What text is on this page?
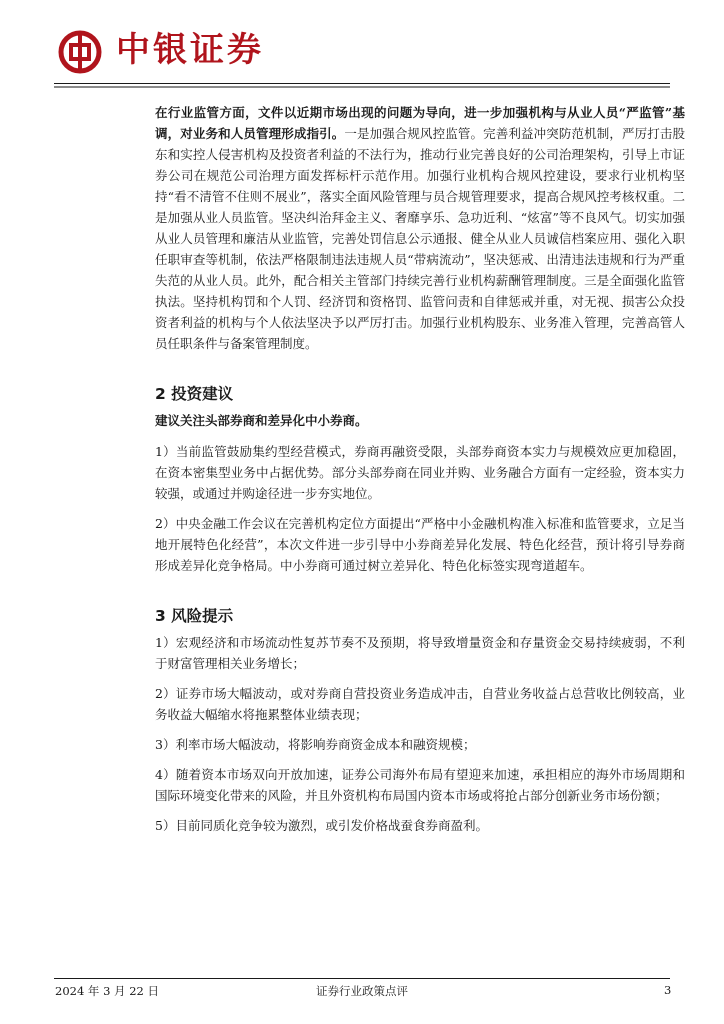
中银证券

在行业监管方面，文件以近期市场出现的问题为导向，进一步加强机构与从业人员“严监管”基调，对业务和人员管理形成指引。一是加强合规风控监管。完善利益冲突防范机制，严厉打击股东和实控人侵害机构及投资者利益的不法行为，推动行业完善良好的公司治理架构，引导上市证券公司在规范公司治理方面发挥标杆示范作用。加强行业机构合规风控建设，要求行业机构坚持“看不清管不住则不展业”，落实全面风险管理与员合规管理要求，提高合规风控考核权重。二是加强从业人员监管。坚决纠治拜金主义、奢靡享乐、急功近利、“炫富”等不良风气。切实加强从业人员管理和廉洁从业监管，完善处罚信息公示通报、健全从业人员诚信档案应用、强化入职任职审查等机制，依法严格限制违法违规人员“带病流动”，坚决惩戒、出清违法违规和行为严重失范的从业人员。此外，配合相关主管部门持续完善行业机构薪酬管理制度。三是全面强化监管执法。坚持机构罚和个人罚、经济罚和资格罚、监管问责和自律惩戒并重，对无视、损害公众投资者利益的机构与个人依法坚决予以严厉打击。加强行业机构股东、业务准入管理，完善高管人员任职条件与备案管理制度。

2 投资建议

建议关注头部券商和差异化中小券商。

1）当前监管鼓励集约型经营模式，券商再融资受限，头部券商资本实力与规模效应更加稳固，在资本密集型业务中占据优势。部分头部券商在同业并购、业务融合方面有一定经验，资本实力较强，或通过并购途径进一步夯实地位。

2）中央金融工作会议在完善机构定位方面提出“严格中小金融机构准入标准和监管要求，立足当地开展特色化经营”，本次文件进一步引导中小券商差异化发展、特色化经营，预计将引导券商形成差异化竞争格局。中小券商可通过树立差异化、特色化标签实现弯道超车。

3 风险提示

1）宏观经济和市场流动性复苏节奏不及预期，将导致增量资金和存量资金交易持续疲弱，不利于财富管理相关业务增长；

2）证券市场大幅波动，或对券商自营投资业务造成冲击，自营业务收益占总营收比例较高，业务收益大幅缩水将拖累整体业绩表现；

3）利率市场大幅波动，将影响券商资金成本和融资规模；

4）随着资本市场双向开放加速，证券公司海外布局有望迎来加速，承担相应的海外市场周期和国际环境变化带来的风险，并且外资机构布局国内资本市场或将抢占部分创新业务市场份额；

5）目前同质化竞争较为激烈，或引发价格战蚕食券商盈利。

2024 年 3 月 22 日	证券行业政策点评	3
